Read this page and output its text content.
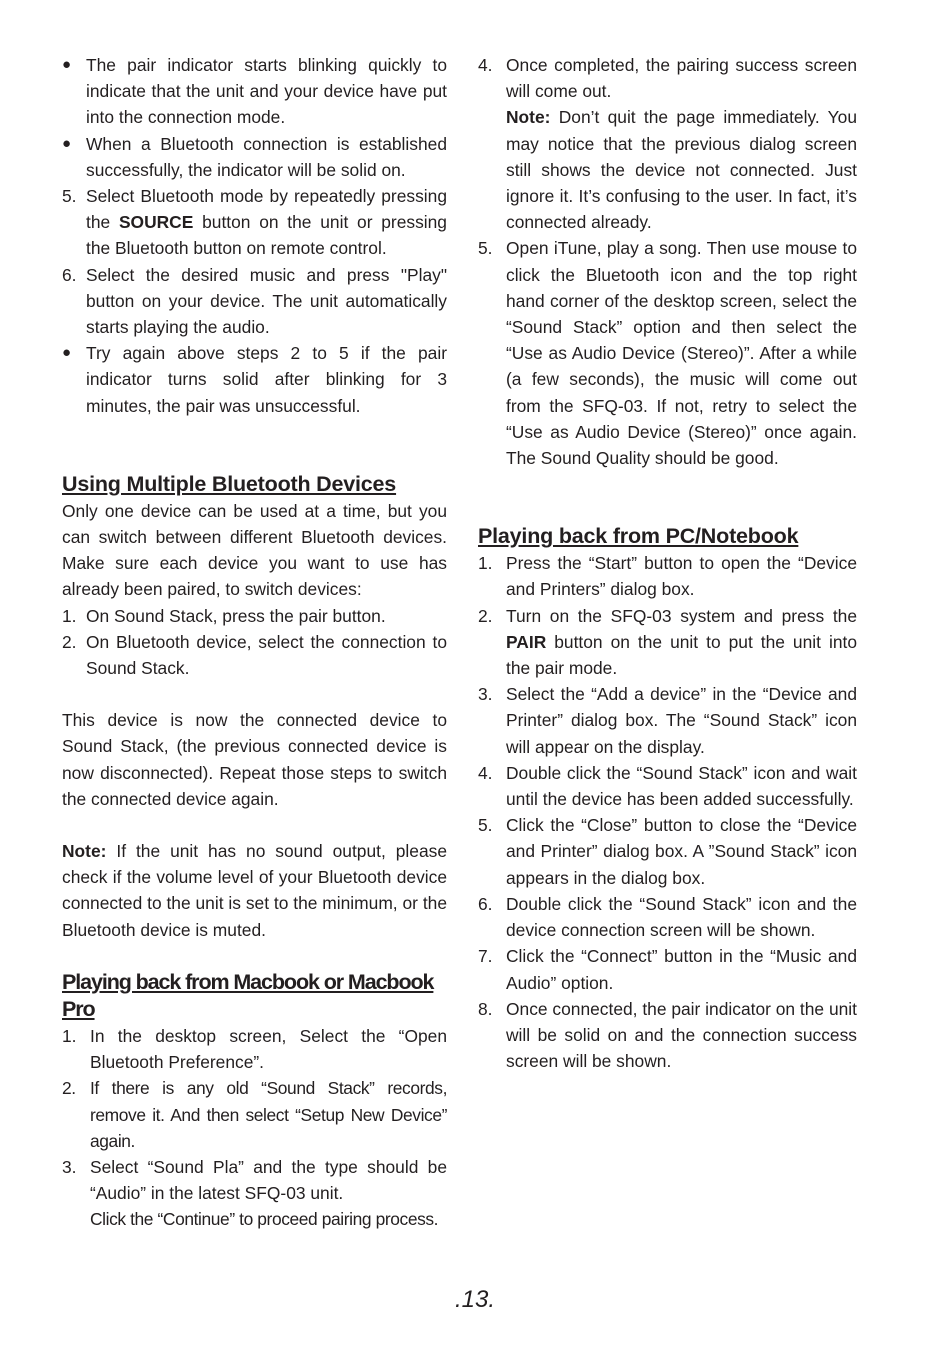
● The pair indicator starts blinking quickly to indicate that the unit and your device have put into the connection mode.
● When a Bluetooth connection is established successfully, the indicator will be solid on.
5. Select Bluetooth mode by repeatedly pressing the SOURCE button on the unit or pressing the Bluetooth button on remote control.
6. Select the desired music and press "Play" button on your device. The unit automatically starts playing the audio.
● Try again above steps 2 to 5 if the pair indicator turns solid after blinking for 3 minutes, the pair was unsuccessful.
Using Multiple Bluetooth Devices
Only one device can be used at a time, but you can switch between different Bluetooth devices. Make sure each device you want to use has already been paired, to switch devices:
1. On Sound Stack, press the pair button.
2. On Bluetooth device, select the connection to Sound Stack.
This device is now the connected device to Sound Stack, (the previous connected device is now disconnected). Repeat those steps to switch the connected device again.
Note: If the unit has no sound output, please check if the volume level of your Bluetooth device connected to the unit is set to the minimum, or the Bluetooth device is muted.
Playing back from Macbook or Macbook Pro
1. In the desktop screen, Select the “Open Bluetooth Preference”.
2. If there is any old “Sound Stack” records, remove it. And then select “Setup New Device” again.
3. Select “Sound Pla” and the type should be “Audio” in the latest SFQ-03 unit.
Click the “Continue” to proceed pairing process.
4. Once completed, the pairing success screen will come out.
Note: Don’t quit the page immediately. You may notice that the previous dialog screen still shows the device not connected. Just ignore it. It’s confusing to the user. In fact, it’s connected already.
5. Open iTune, play a song. Then use mouse to click the Bluetooth icon and the top right hand corner of the desktop screen, select the “Sound Stack” option and then select the “Use as Audio Device (Stereo)”. After a while (a few seconds), the music will come out from the SFQ-03. If not, retry to select the “Use as Audio Device (Stereo)” once again. The Sound Quality should be good.
Playing back from PC/Notebook
1. Press the “Start” button to open the “Device and Printers” dialog box.
2. Turn on the SFQ-03 system and press the PAIR button on the unit to put the unit into the pair mode.
3. Select the “Add a device” in the “Device and Printer” dialog box. The “Sound Stack” icon will appear on the display.
4. Double click the “Sound Stack” icon and wait until the device has been added successfully.
5. Click the “Close” button to close the “Device and Printer” dialog box. A ”Sound Stack” icon appears in the dialog box.
6. Double click the “Sound Stack” icon and the device connection screen will be shown.
7. Click the “Connect” button in the “Music and Audio” option.
8. Once connected, the pair indicator on the unit will be solid on and the connection success screen will be shown.
.13.
